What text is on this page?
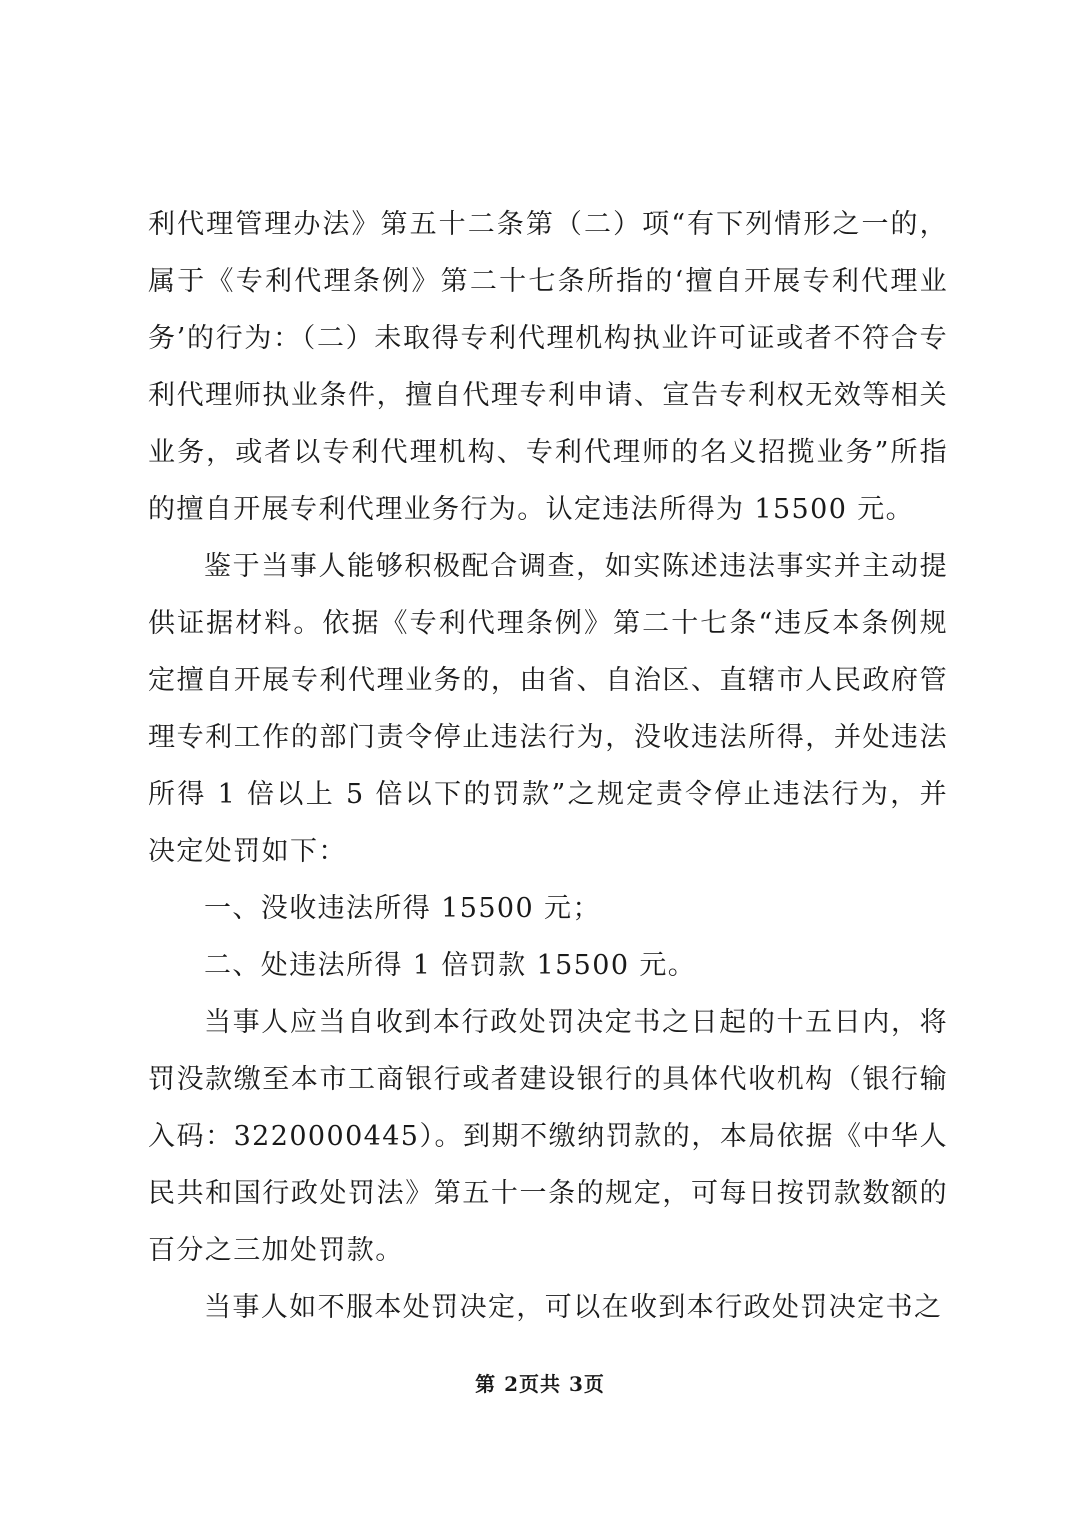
利代理管理办法》第五十二条第（二）项“有下列情形之一的，属于《专利代理条例》第二十七条所指的‘擅自开展专利代理业务’的行为：（二）未取得专利代理机构执业许可证或者不符合专利代理师执业条件，擅自代理专利申请、宣告专利权无效等相关业务，或者以专利代理机构、专利代理师的名义招揽业务”所指的擅自开展专利代理业务行为。认定违法所得为 15500 元。

鉴于当事人能够积极配合调查，如实陈述违法事实并主动提供证据材料。依据《专利代理条例》第二十七条“违反本条例规定擅自开展专利代理业务的，由省、自治区、直辖市人民政府管理专利工作的部门责令停止违法行为，没收违法所得，并处违法所得 1 倍以上 5 倍以下的罚款”之规定责令停止违法行为，并决定处罚如下：

一、没收违法所得 15500 元；

二、处违法所得 1 倍罚款 15500 元。

当事人应当自收到本行政处罚决定书之日起的十五日内，将罚没款缴至本市工商银行或者建设银行的具体代收机构（银行输入码：3220000445）。到期不缴纳罚款的，本局依据《中华人民共和国行政处罚法》第五十一条的规定，可每日按罚款数额的百分之三加处罚款。

当事人如不服本处罚决定，可以在收到本行政处罚决定书之

第 2页共 3页
